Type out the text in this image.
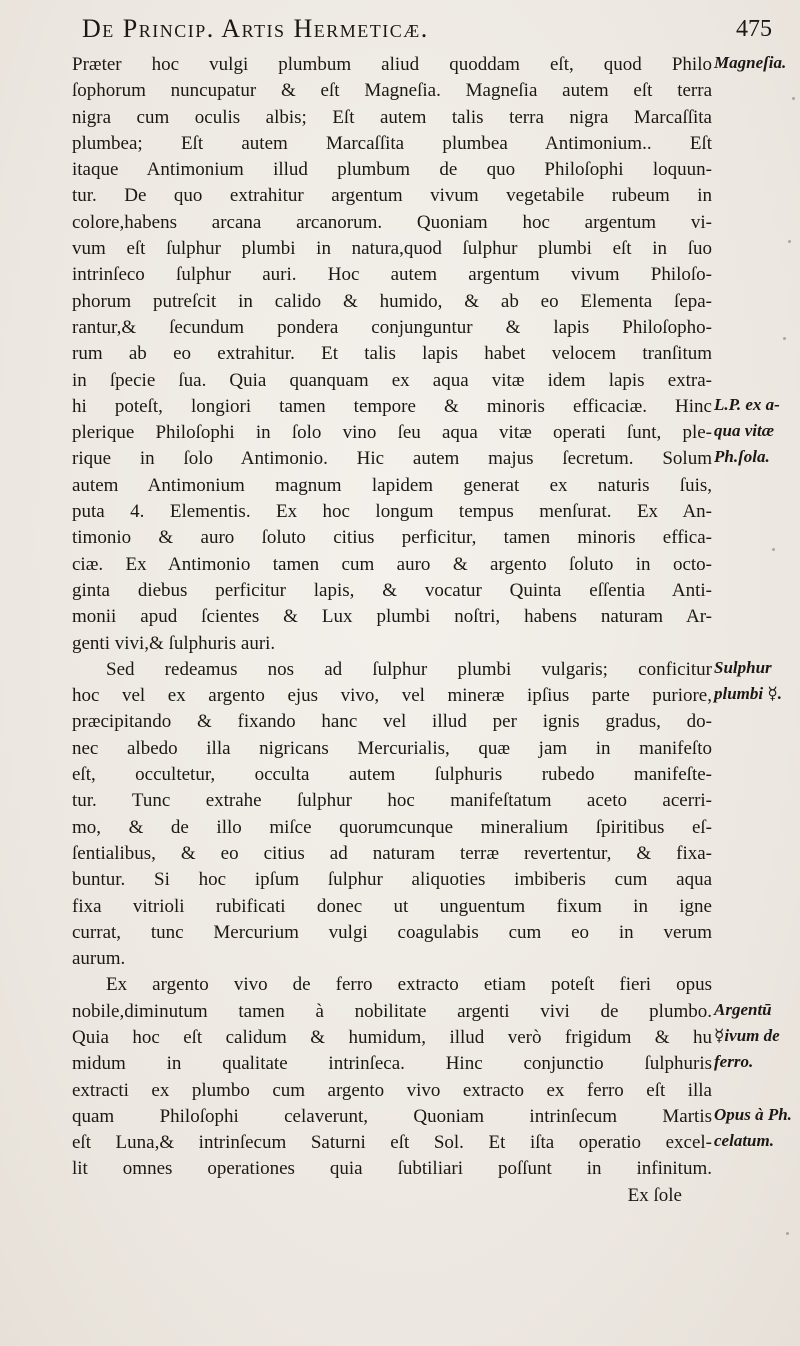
De Princip. Artis Hermeticæ.	475
Præter hoc vulgi plumbum aliud quoddam eſt, quod Philo
ſophorum nuncupatur & eſt Magneſia. Magneſia autem eſt terra
nigra cum oculis albis; Eſt autem talis terra nigra Marcaſſita
plumbea; Eſt autem Marcaſſita plumbea Antimonium.. Eſt
itaque Antimonium illud plumbum de quo Philoſophi loquun-
tur. De quo extrahitur argentum vivum vegetabile rubeum in
colore,habens arcana arcanorum. Quoniam hoc argentum vi-
vum eſt ſulphur plumbi in natura,quod ſulphur plumbi eſt in ſuo
intrinſeco ſulphur auri. Hoc autem argentum vivum Philoſo-
phorum putreſcit in calido & humido, & ab eo Elementa ſepa-
rantur,& ſecundum pondera conjunguntur & lapis Philoſopho-
rum ab eo extrahitur. Et talis lapis habet velocem tranſitum
in ſpecie ſua. Quia quanquam ex aqua vitæ idem lapis extra-
hi poteſt, longiori tamen tempore & minoris efficaciæ. Hinc
plerique Philoſophi in ſolo vino ſeu aqua vitæ operati ſunt, ple-
rique in ſolo Antimonio. Hic autem majus ſecretum. Solum
autem Antimonium magnum lapidem generat ex naturis ſuis,
puta 4. Elementis. Ex hoc longum tempus menſurat. Ex An-
timonio & auro ſoluto citius perficitur, tamen minoris effica-
ciæ. Ex Antimonio tamen cum auro & argento ſoluto in octo-
ginta diebus perficitur lapis, & vocatur Quinta eſſentia Anti-
monii apud ſcientes & Lux plumbi noſtri, habens naturam Ar-
genti vivi,& ſulphuris auri.
Sed redeamus nos ad ſulphur plumbi vulgaris; conficitur
hoc vel ex argento ejus vivo, vel mineræ ipſius parte puriore,
præcipitando & fixando hanc vel illud per ignis gradus, do-
nec albedo illa nigricans Mercurialis, quæ jam in manifeſto
eſt, occultetur, occulta autem ſulphuris rubedo manifeſte-
tur. Tunc extrahe ſulphur hoc manifeſtatum aceto acerri-
mo, & de illo miſce quorumcunque mineralium ſpiritibus eſ-
ſentialibus, & eo citius ad naturam terræ revertentur, & fixa-
buntur. Si hoc ipſum ſulphur aliquoties imbiberis cum aqua
fixa vitrioli rubificati donec ut unguentum fixum in igne
currat, tunc Mercurium vulgi coagulabis cum eo in verum
aurum.
Ex argento vivo de ferro extracto etiam poteſt fieri opus
nobile,diminutum tamen à nobilitate argenti vivi de plumbo.
Quia hoc eſt calidum & humidum, illud verò frigidum & hu
midum in qualitate intrinſeca. Hinc conjunctio ſulphuris
extracti ex plumbo cum argento vivo extracto ex ferro eſt illa
quam Philoſophi celaverunt, Quoniam intrinſecum Martis
eſt Luna,& intrinſecum Saturni eſt Sol. Et iſta operatio excel-
lit omnes operationes quia ſubtiliari poſſunt in infinitum.
Ex ſole
Magneſia.
L.P. ex a-
qua vitæ
Ph.ſola.
Sulphur
plumbi ☿.
Argentū
☿ivum de
ferro.
Opus à Ph.
celatum.
